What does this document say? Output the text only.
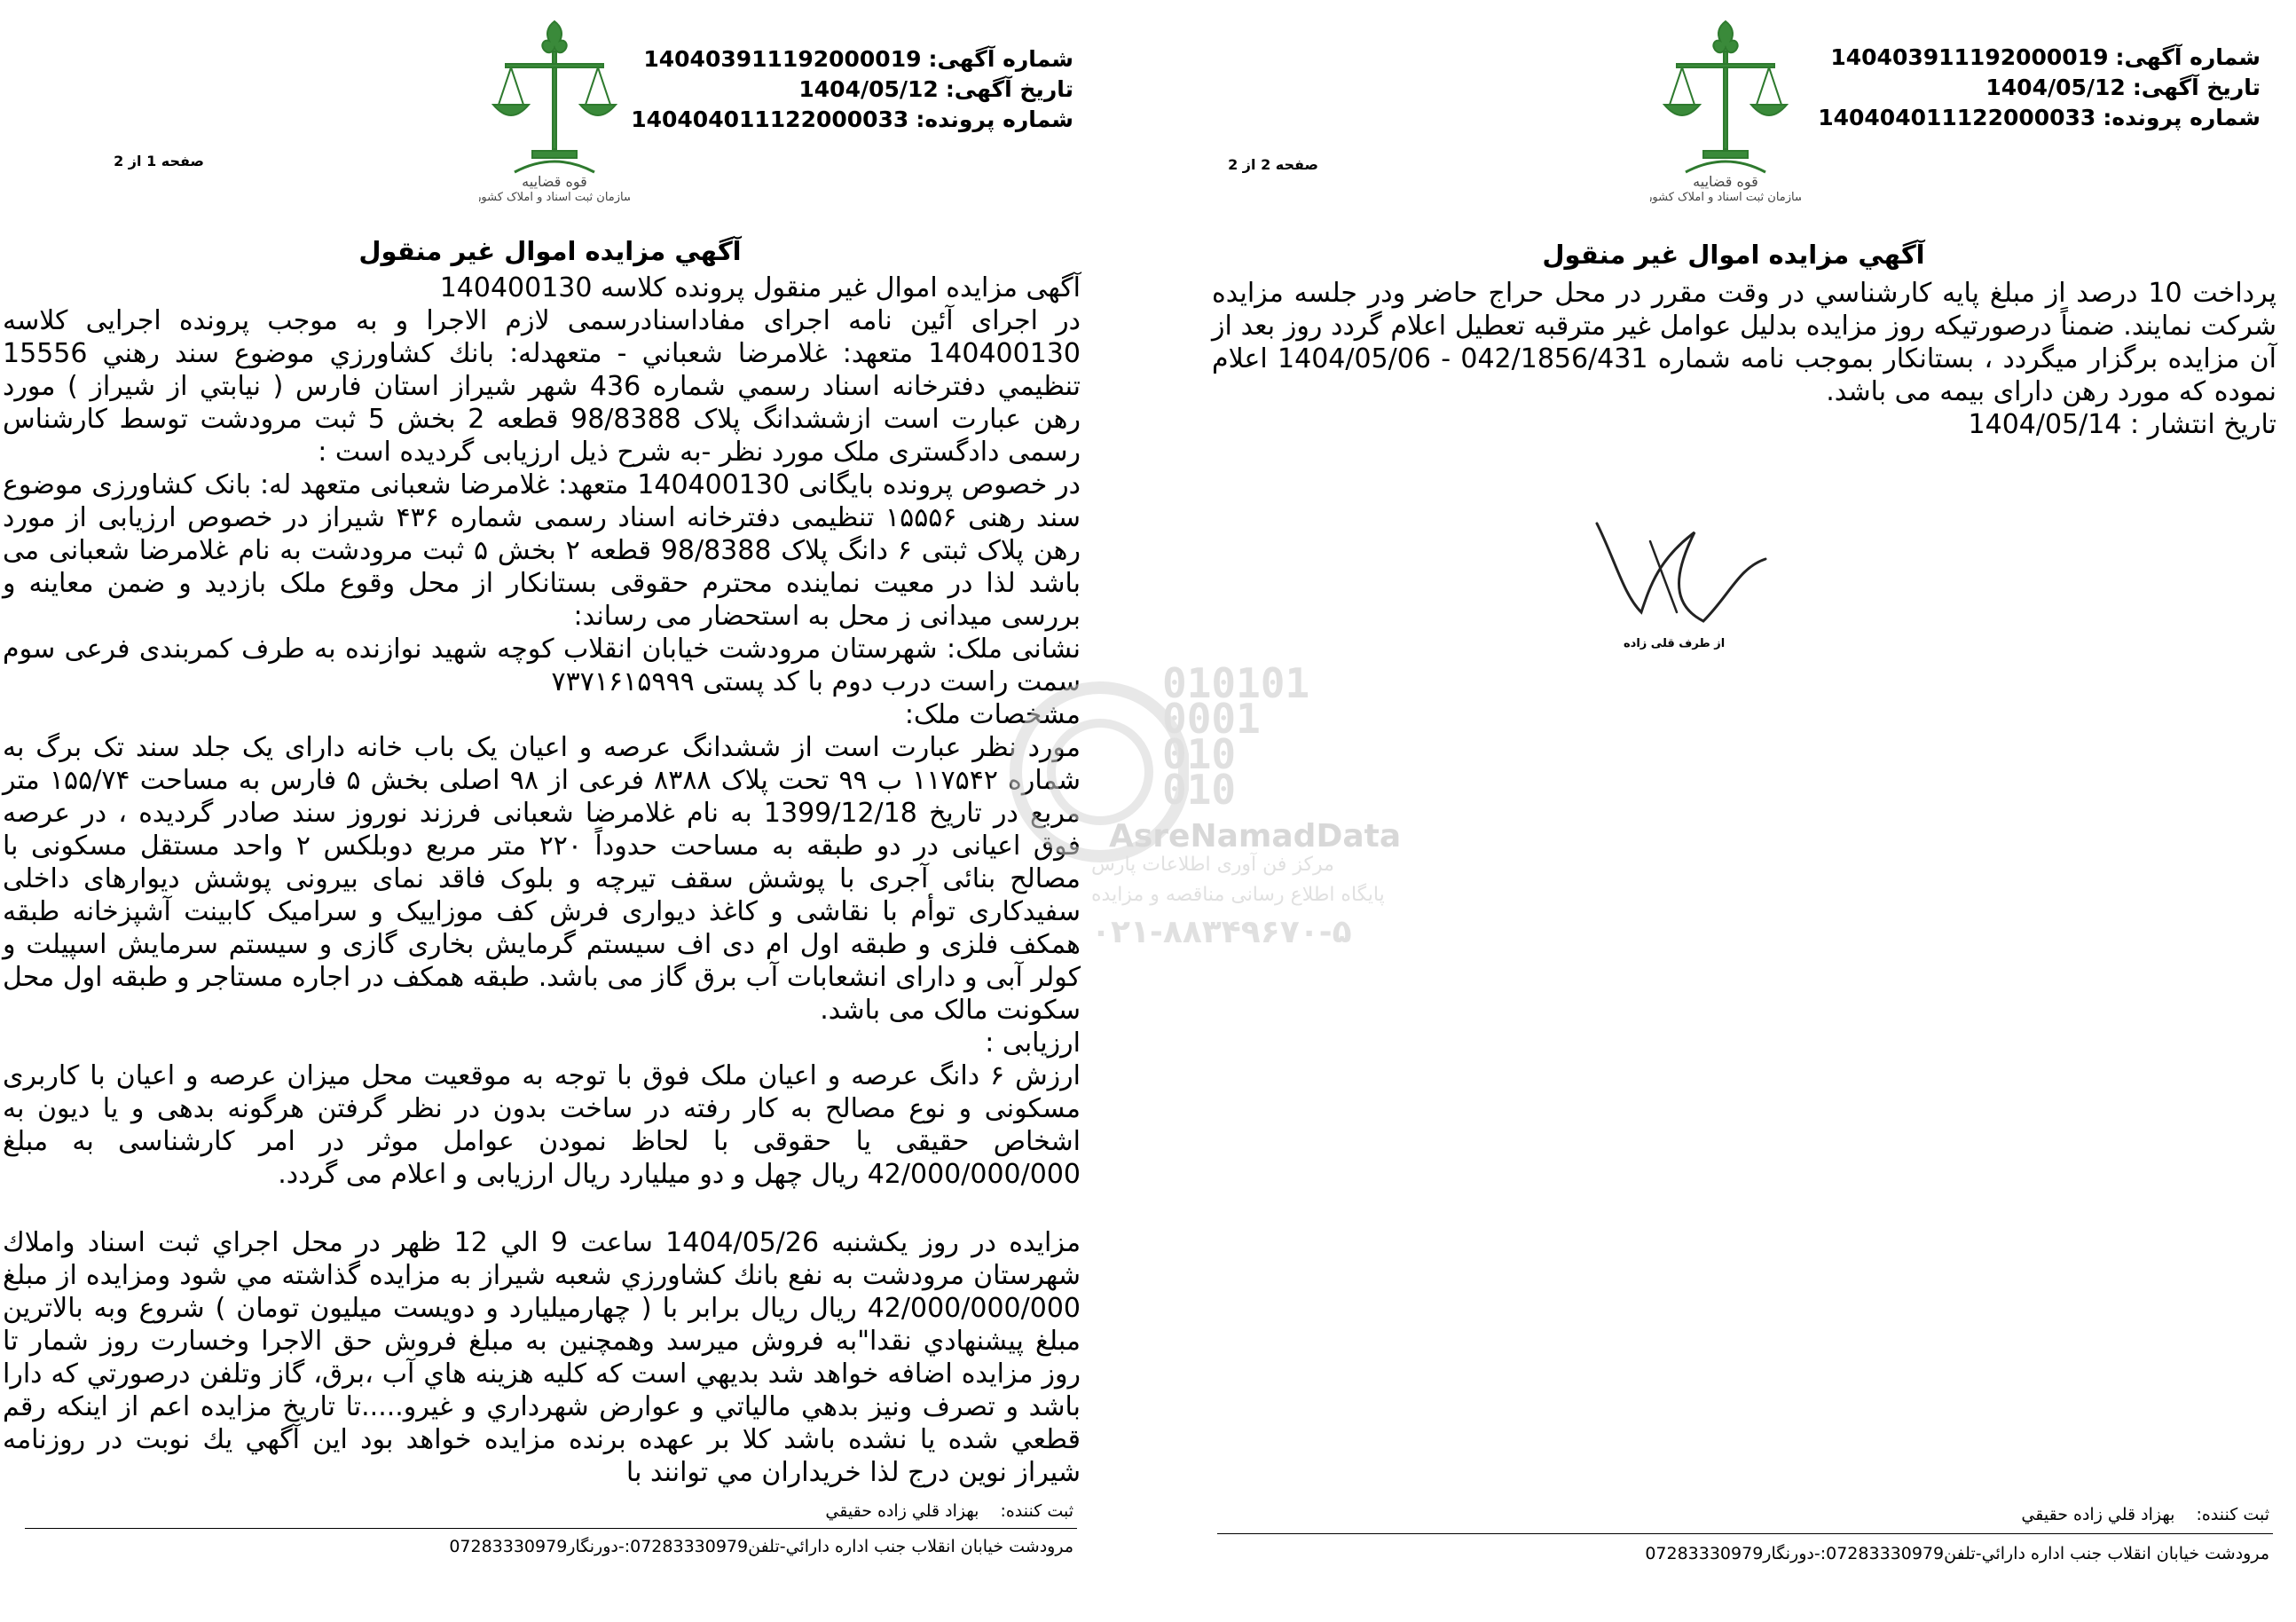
قوه قضاییه
سازمان ثبت اسناد و املاک کشور
شماره آگهی:140403911192000019
تاریخ آگهی:1404/05/12
شماره پرونده:140404011122000033
صفحه 2 از 2
آگهي مزايده اموال غير منقول

پرداخت 10 درصد از مبلغ پايه كارشناسي در وقت مقرر در محل حراج حاضر ودر جلسه مزايده شركت نمايند. ضمناً درصورتيكه روز مزايده بدليل عوامل غير مترقبه تعطيل اعلام گردد روز بعد از آن مزايده برگزار ميگردد ، بستانکار بموجب نامه شماره 042/1856/431 - 1404/05/06 اعلام نموده که مورد رهن دارای بیمه می باشد.

تاریخ انتشار : 1404/05/14

از طرف قلی زاده
ثبت كننده:بهزاد قلي زاده حقيقي
مرودشت خيابان انقلاب جنب اداره دارائي-تلفن07283330979:-دورنگار07283330979
قوه قضاییه
سازمان ثبت اسناد و املاک کشور
شماره آگهی:140403911192000019
تاریخ آگهی:1404/05/12
شماره پرونده:140404011122000033
صفحه 1 از 2
آگهي مزايده اموال غير منقول

آگهی مزایده اموال غیر منقول پرونده کلاسه 140400130

در اجرای آئین نامه اجرای مفاداسنادرسمی لازم الاجرا و به موجب پرونده اجرايی كلاسه 140400130 متعهد: غلامرضا شعباني - متعهدله: بانك كشاورزي موضوع سند رهني 15556 تنظيمي دفترخانه اسناد رسمي شماره 436 شهر شيراز استان فارس ( نيابتي از شيراز ) مورد رهن عبارت است ازششدانگ پلاک 98/8388 قطعه 2 بخش 5 ثبت مرودشت توسط کارشناس رسمی دادگستری ملک مورد نظر -به شرح ذیل ارزیابی گردیده است :

در خصوص پرونده بایگانی 140400130 متعهد: غلامرضا شعبانی متعهد له: بانک کشاورزی موضوع سند رهنی ۱۵۵۵۶ تنظیمی دفترخانه اسناد رسمی شماره ۴۳۶ شیراز در خصوص ارزیابی از مورد رهن پلاک ثبتی ۶ دانگ پلاک 98/8388 قطعه ۲ بخش ۵ ثبت مرودشت به نام غلامرضا شعبانی می باشد لذا در معیت نماینده محترم حقوقی بستانکار از محل وقوع ملک بازدید و ضمن معاینه و بررسی میدانی ز محل به استحضار می رساند:

نشانی ملک: شهرستان مرودشت خیابان انقلاب کوچه شهید نوازنده به طرف کمربندی فرعی سوم سمت راست درب دوم با کد پستی ۷۳۷۱۶۱۵۹۹۹

مشخصات ملک:

مورد نظر عبارت است از ششدانگ عرصه و اعیان یک باب خانه دارای یک جلد سند تک برگ به شماره ۱۱۷۵۴۲ ب ۹۹ تحت پلاک ۸۳۸۸ فرعی از ۹۸ اصلی بخش ۵ فارس به مساحت ۱۵۵/۷۴ متر مربع در تاریخ 1399/12/18 به نام غلامرضا شعبانی فرزند نوروز سند صادر گردیده ، در عرصه فوق اعیانی در دو طبقه به مساحت حدوداً ۲۲۰ متر مربع دوبلکس ۲ واحد مستقل مسکونی با مصالح بنائی آجری با پوشش سقف تیرچه و بلوک فاقد نمای بیرونی پوشش دیوارهای داخلی سفیدکاری توأم با نقاشی و کاغذ دیواری فرش کف موزاییک و سرامیک کابینت آشپزخانه طبقه همکف فلزی و طبقه اول ام دی اف سیستم گرمایش بخاری گازی و سیستم سرمایش اسپیلت و کولر آبی و دارای انشعابات آب برق گاز می باشد. طبقه همکف در اجاره مستاجر و طبقه اول محل سکونت مالک می باشد.

ارزیابی :

ارزش ۶ دانگ عرصه و اعیان ملک فوق با توجه به موقعیت محل میزان عرصه و اعیان با کاربری مسکونی و نوع مصالح به کار رفته در ساخت بدون در نظر گرفتن هرگونه بدهی و یا دیون به اشخاص حقیقی یا حقوقی با لحاظ نمودن عوامل موثر در امر کارشناسی به مبلغ 42/000/000/000 ریال چهل و دو میلیارد ریال ارزیابی و اعلام می گردد.

مزايده در روز يكشنبه 1404/05/26 ساعت 9 الي 12 ظهر در محل اجراي ثبت اسناد واملاك شهرستان مرودشت به نفع بانك كشاورزي شعبه شيراز به مزايده گذاشته مي شود ومزايده از مبلغ 42/000/000/000 ريال ريال برابر با ( چهارميليارد و دويست ميليون تومان ) شروع وبه بالاترين مبلغ پيشنهادي نقدا"به فروش ميرسد وهمچنين به مبلغ فروش حق الاجرا وخسارت روز شمار تا روز مزايده اضافه خواهد شد بديهي است كه كليه هزينه هاي آب ،برق، گاز وتلفن درصورتي كه دارا باشد و تصرف ونيز بدهي مالياتي و عوارض شهرداري و غيرو.....تا تاريخ مزايده اعم از اينكه رقم قطعي شده يا نشده باشد كلا بر عهده برنده مزايده خواهد بود اين آگهي يك نوبت در روزنامه شيراز نوين درج لذا خريداران مي توانند با

ثبت كننده:بهزاد قلي زاده حقيقي
مرودشت خيابان انقلاب جنب اداره دارائي-تلفن07283330979:-دورنگار07283330979
010101
0001
010
010
AsreNamadData
مرکز فن آوری اطلاعات پارس
پایگاه اطلاع رسانی مناقصه و مزایده
۰۲۱-۸۸۳۴۹۶۷۰-۵
